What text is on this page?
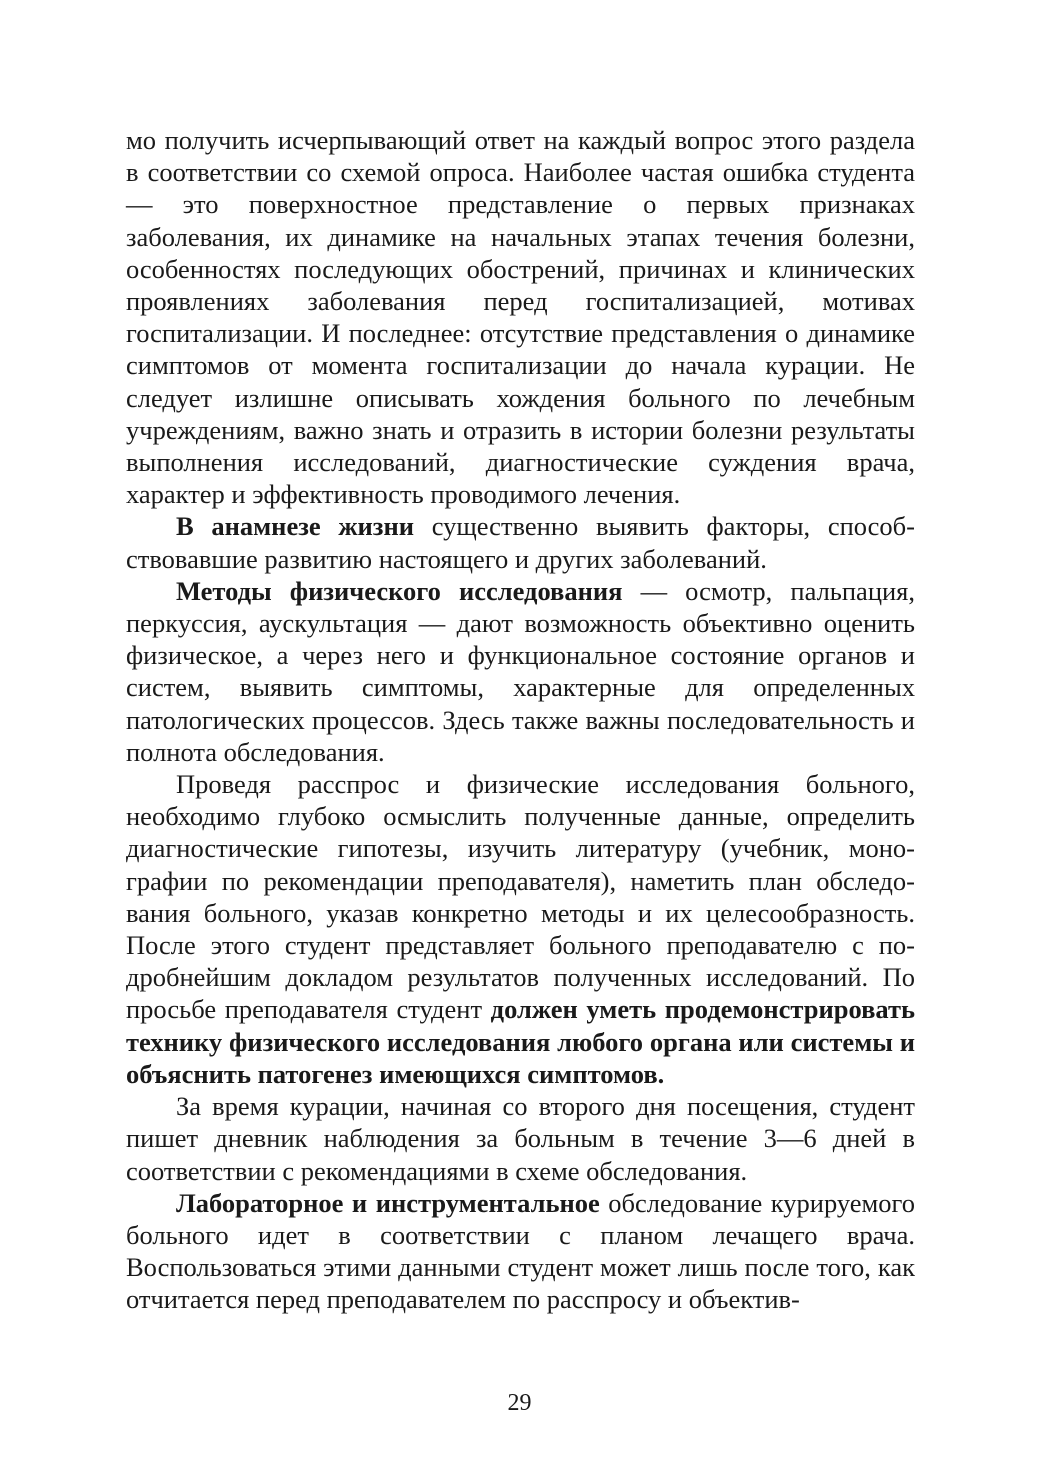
мо получить исчерпывающий ответ на каждый вопрос этого раздела в соответствии со схемой опроса. Наиболее частая ошибка студента — это поверхностное представление о первых признаках заболевания, их динамике на начальных этапах течения болезни, особенностях последующих обострений, причинах и клинических проявлениях заболевания перед госпитализацией, мотивах госпитализации. И последнее: отсутствие представления о динамике симптомов от момента госпитализации до начала курации. Не следует излишне описывать хождения больного по лечебным учреждениям, важно знать и отразить в истории болезни результаты выполнения исследований, диагностические суждения врача, характер и эффективность проводимого лечения.

В анамнезе жизни существенно выявить факторы, способствовавшие развитию настоящего и других заболеваний.

Методы физического исследования — осмотр, пальпация, перкуссия, аускультация — дают возможность объективно оценить физическое, а через него и функциональное состояние органов и систем, выявить симптомы, характерные для определенных патологических процессов. Здесь также важны последовательность и полнота обследования.

Проведя расспрос и физические исследования больного, необходимо глубоко осмыслить полученные данные, определить диагностические гипотезы, изучить литературу (учебник, монографии по рекомендации преподавателя), наметить план обследования больного, указав конкретно методы и их целесообразность. После этого студент представляет больного преподавателю с подробнейшим докладом результатов полученных исследований. По просьбе преподавателя студент должен уметь продемонстрировать технику физического исследования любого органа или системы и объяснить патогенез имеющихся симптомов.

За время курации, начиная со второго дня посещения, студент пишет дневник наблюдения за больным в течение 3—6 дней в соответствии с рекомендациями в схеме обследования.

Лабораторное и инструментальное обследование курируемого больного идет в соответствии с планом лечащего врача. Воспользоваться этими данными студент может лишь после того, как отчитается перед преподавателем по расспросу и объектив-

29
